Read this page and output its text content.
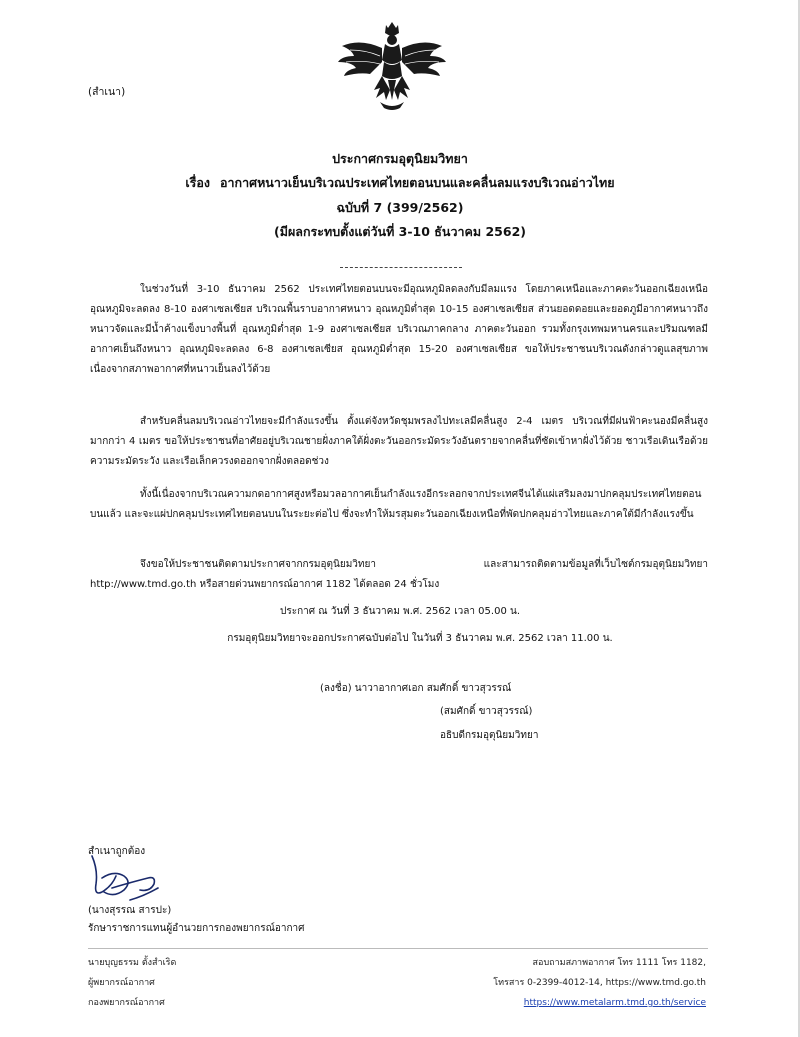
(สำเนา)
ประกาศกรมอุตุนิยมวิทยา
เรื่อง อากาศหนาวเย็นบริเวณประเทศไทยตอนบนและคลื่นลมแรงบริเวณอ่าวไทย
ฉบับที่ 7 (399/2562)
(มีผลกระทบตั้งแต่วันที่ 3-10 ธันวาคม 2562)
ในช่วงวันที่ 3-10 ธันวาคม 2562 ประเทศไทยตอนบนจะมีอุณหภูมิลดลงกับมีลมแรง โดยภาคเหนือและภาคตะวันออกเฉียงเหนืออุณหภูมิจะลดลง 8-10 องศาเซลเซียส บริเวณพื้นราบอากาศหนาว อุณหภูมิต่ำสุด 10-15 องศาเซลเซียส ส่วนยอดดอยและยอดภูมีอากาศหนาวถึงหนาวจัดและมีน้ำค้างแข็งบางพื้นที่ อุณหภูมิต่ำสุด 1-9 องศาเซลเซียส บริเวณภาคกลาง ภาคตะวันออก รวมทั้งกรุงเทพมหานครและปริมณฑลมีอากาศเย็นถึงหนาว อุณหภูมิจะลดลง 6-8 องศาเซลเซียส อุณหภูมิต่ำสุด 15-20 องศาเซลเซียส ขอให้ประชาชนบริเวณดังกล่าวดูแลสุขภาพเนื่องจากสภาพอากาศที่หนาวเย็นลงไว้ด้วย
สำหรับคลื่นลมบริเวณอ่าวไทยจะมีกำลังแรงขึ้น ตั้งแต่จังหวัดชุมพรลงไปทะเลมีคลื่นสูง 2-4 เมตร บริเวณที่มีฝนฟ้าคะนองมีคลื่นสูงมากกว่า 4 เมตร ขอให้ประชาชนที่อาศัยอยู่บริเวณชายฝั่งภาคใต้ฝั่งตะวันออกระมัดระวังอันตรายจากคลื่นที่ซัดเข้าหาฝั่งไว้ด้วย ชาวเรือเดินเรือด้วยความระมัดระวัง และเรือเล็กควรงดออกจากฝั่งตลอดช่วง
ทั้งนี้เนื่องจากบริเวณความกดอากาศสูงหรือมวลอากาศเย็นกำลังแรงอีกระลอกจากประเทศจีนได้แผ่เสริมลงมาปกคลุมประเทศไทยตอนบนแล้ว และจะแผ่ปกคลุมประเทศไทยตอนบนในระยะต่อไป ซึ่งจะทำให้มรสุมตะวันออกเฉียงเหนือที่พัดปกคลุมอ่าวไทยและภาคใต้มีกำลังแรงขึ้น
จึงขอให้ประชาชนติดตามประกาศจากกรมอุตุนิยมวิทยา และสามารถติดตามข้อมูลที่เว็บไซต์กรมอุตุนิยมวิทยา http://www.tmd.go.th หรือสายด่วนพยากรณ์อากาศ 1182 ได้ตลอด 24 ชั่วโมง
ประกาศ ณ วันที่ 3 ธันวาคม พ.ศ. 2562 เวลา 05.00 น.
กรมอุตุนิยมวิทยาจะออกประกาศฉบับต่อไป ในวันที่ 3 ธันวาคม พ.ศ. 2562 เวลา 11.00 น.
(ลงชื่อ) นาวาอากาศเอก สมศักดิ์ ขาวสุวรรณ์
(สมศักดิ์ ขาวสุวรรณ์)
อธิบดีกรมอุตุนิยมวิทยา
สำเนาถูกต้อง
(นางสุรรณ สารปะ)
รักษาราชการแทนผู้อำนวยการกองพยากรณ์อากาศ
นายบุญธรรม ตั้งสำเริด
ผู้พยากรณ์อากาศ
กองพยากรณ์อากาศ
สอบถามสภาพอากาศ โทร 1111 โทร 1182,
โทรสาร 0-2399-4012-14, https://www.tmd.go.th
https://www.metalarm.tmd.go.th/service
